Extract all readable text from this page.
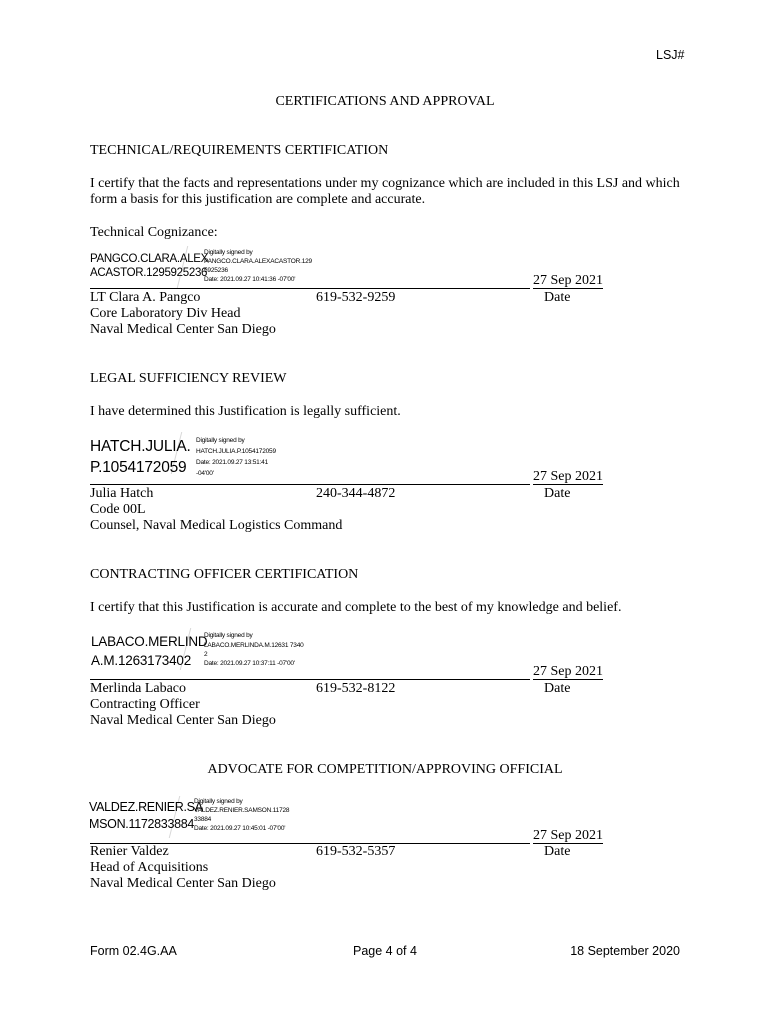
LSJ#
CERTIFICATIONS AND APPROVAL
TECHNICAL/REQUIREMENTS CERTIFICATION
I certify that the facts and representations under my cognizance which are included in this LSJ and which
form a basis for this justification are complete and accurate.
Technical Cognizance:
PANGCO.CLARA.ALEX
ACASTOR.1295925236
Digitally signed by
PANGCO.CLARA.ALEXACASTOR.129
5925236
Date: 2021.09.27 10:41:36 -07'00'	27 Sep 2021
LT Clara A. Pangco	619-532-9259	Date
Core Laboratory Div Head
Naval Medical Center San Diego
LEGAL SUFFICIENCY REVIEW
I have determined this Justification is legally sufficient.
HATCH.JULIA.
P.1054172059
Digitally signed by
HATCH.JULIA.P.1054172059
Date: 2021.09.27 13:51:41
-04'00'	27 Sep 2021
Julia Hatch	240-344-4872	Date
Code 00L
Counsel, Naval Medical Logistics Command
CONTRACTING OFFICER CERTIFICATION
I certify that this Justification is accurate and complete to the best of my knowledge and belief.
LABACO.MERLIND
A.M.1263173402
Digitally signed by
LABACO.MERLINDA.M.12631 7340
2
Date: 2021.09.27 10:37:11 -07'00'
27 Sep 2021
Merlinda Labaco	619-532-8122	Date
Contracting Officer
Naval Medical Center San Diego
ADVOCATE FOR COMPETITION/APPROVING OFFICIAL
VALDEZ.RENIER.SA
MSON.1172833884
Digitally signed by
VALDEZ.RENIER.SAMSON.11728
33884
Date: 2021.09.27 10:45:01 -07'00'	27 Sep 2021
Renier Valdez	619-532-5357	Date
Head of Acquisitions
Naval Medical Center San Diego
Form 02.4G.AA	Page 4 of 4	18 September 2020
